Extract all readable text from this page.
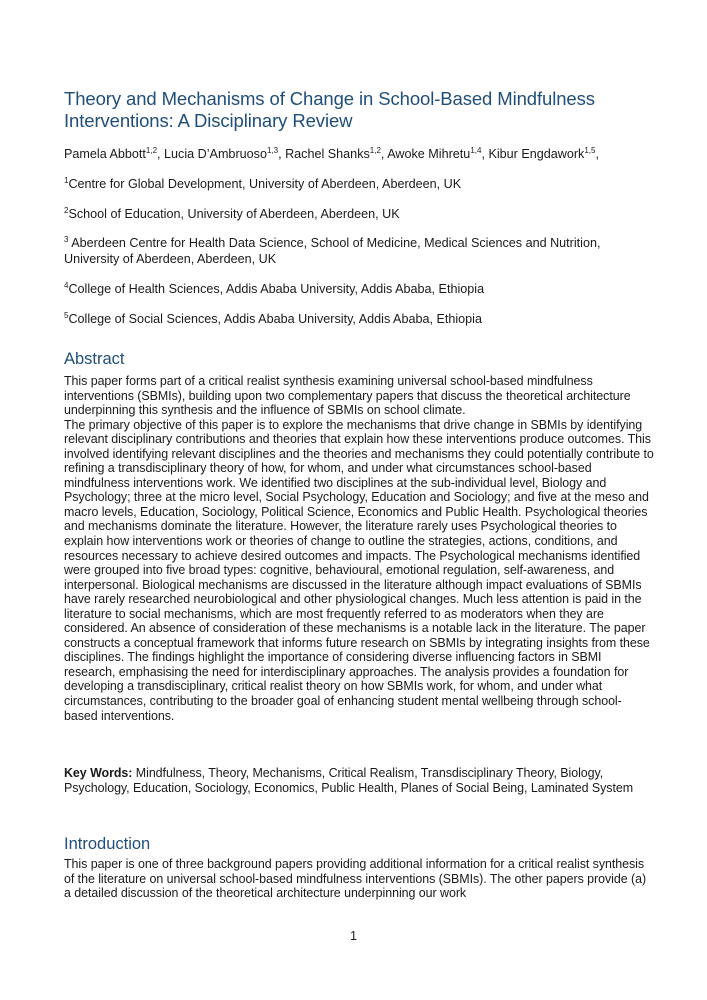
Theory and Mechanisms of Change in School-Based Mindfulness Interventions: A Disciplinary Review
Pamela Abbott$^{1,2}$, Lucia D’Ambruoso$^{1,3}$, Rachel Shanks$^{1,2}$, Awoke Mihretu$^{1,4}$, Kibur Engdawork$^{1,5}$,
$^1$Centre for Global Development, University of Aberdeen, Aberdeen, UK
$^2$School of Education, University of Aberdeen, Aberdeen, UK
$^3$ Aberdeen Centre for Health Data Science, School of Medicine, Medical Sciences and Nutrition, University of Aberdeen, Aberdeen, UK
$^4$College of Health Sciences, Addis Ababa University, Addis Ababa, Ethiopia
$^5$College of Social Sciences, Addis Ababa University, Addis Ababa, Ethiopia
Abstract

This paper forms part of a critical realist synthesis examining universal school-based mindfulness interventions (SBMIs), building upon two complementary papers that discuss the theoretical architecture underpinning this synthesis and the influence of SBMIs on school climate.

The primary objective of this paper is to explore the mechanisms that drive change in SBMIs by identifying relevant disciplinary contributions and theories that explain how these interventions produce outcomes. This involved identifying relevant disciplines and the theories and mechanisms they could potentially contribute to refining a transdisciplinary theory of how, for whom, and under what circumstances school-based mindfulness interventions work. We identified two disciplines at the sub-individual level, Biology and Psychology; three at the micro level, Social Psychology, Education and Sociology; and five at the meso and macro levels, Education, Sociology, Political Science, Economics and Public Health. Psychological theories and mechanisms dominate the literature. However, the literature rarely uses Psychological theories to explain how interventions work or theories of change to outline the strategies, actions, conditions, and resources necessary to achieve desired outcomes and impacts. The Psychological mechanisms identified were grouped into five broad types: cognitive, behavioural, emotional regulation, self-awareness, and interpersonal. Biological mechanisms are discussed in the literature although impact evaluations of SBMIs have rarely researched neurobiological and other physiological changes. Much less attention is paid in the literature to social mechanisms, which are most frequently referred to as moderators when they are considered. An absence of consideration of these mechanisms is a notable lack in the literature. The paper constructs a conceptual framework that informs future research on SBMIs by integrating insights from these disciplines. The findings highlight the importance of considering diverse influencing factors in SBMI research, emphasising the need for interdisciplinary approaches. The analysis provides a foundation for developing a transdisciplinary, critical realist theory on how SBMIs work, for whom, and under what circumstances, contributing to the broader goal of enhancing student mental wellbeing through school-based interventions.

Key Words: Mindfulness, Theory, Mechanisms, Critical Realism, Transdisciplinary Theory, Biology, Psychology, Education, Sociology, Economics, Public Health, Planes of Social Being, Laminated System
Introduction
This paper is one of three background papers providing additional information for a critical realist synthesis of the literature on universal school-based mindfulness interventions (SBMIs). The other papers provide (a) a detailed discussion of the theoretical architecture underpinning our work
1
